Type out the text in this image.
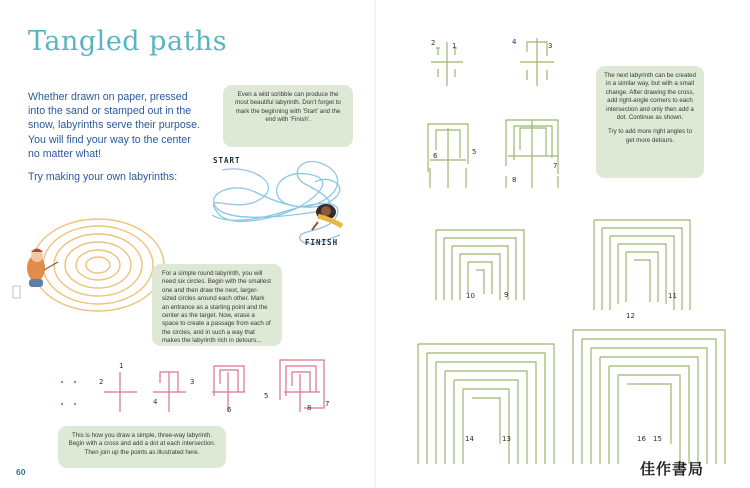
2 1	4	3
6	5
8
7
10	9	11
12
13
14	15
16
1
2	3
4
5
6
7
8
Tangled paths
Whether drawn on paper, pressed into the sand or stamped out in the snow, labyrinths serve their purpose. You will find your way to the center no matter what!
Try making your own labyrinths:
Even a wild scribble can produce the most beautiful labyrinth. Don't forget to mark the beginning with 'Start' and the end with 'Finish'.
START
FINISH
For a simple round labyrinth, you will need six circles. Begin with the smallest one and then draw the next, larger-sized circles around each other. Mark an entrance as a starting point and the center as the target. Now, erase a space to create a passage from each of the circles, and in such a way that makes the labyrinth rich in detours...
This is how you draw a simple, three-way labyrinth. Begin with a cross and add a dot at each intersection. Then join up the points as illustrated here.
The next labyrinth can be created in a similar way, but with a small change. After drawing the cross, add right-angle corners to each intersection and only then add a dot. Continue as shown.
Try to add more right angles to get more detours.
60	佳作書局
